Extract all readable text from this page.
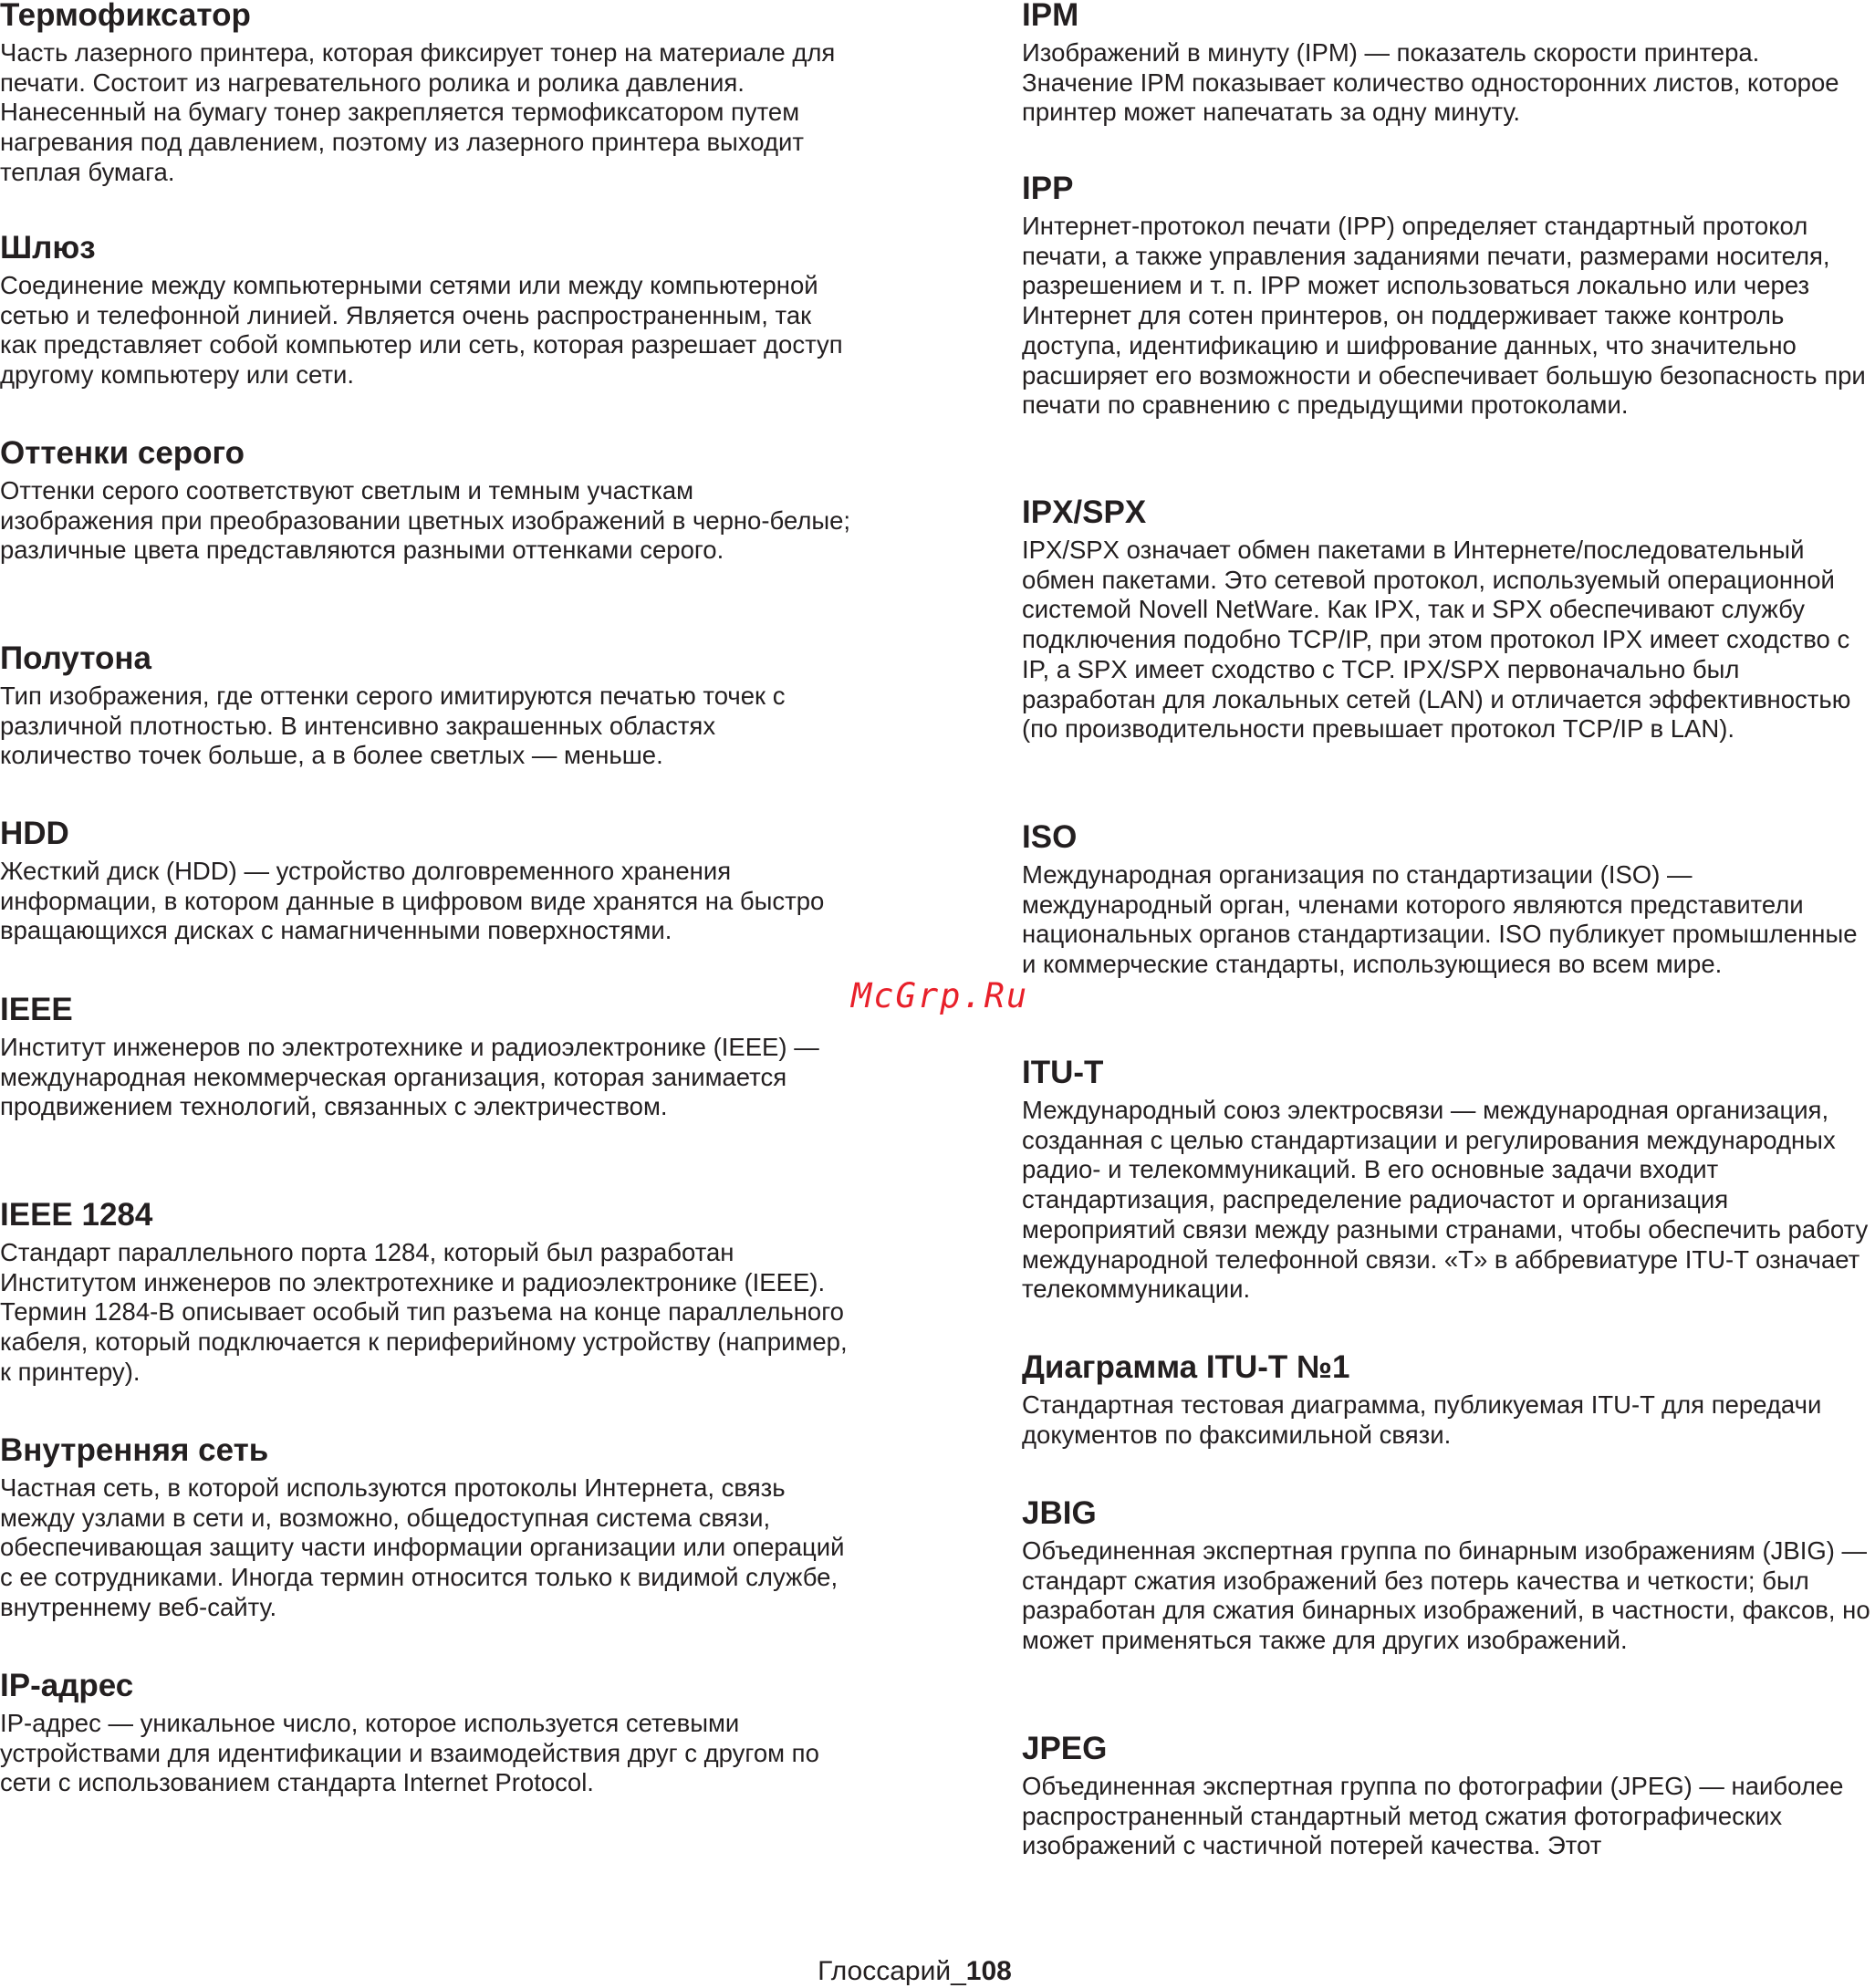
Термофиксатор

Часть лазерного принтера, которая фиксирует тонер на материале для печати. Состоит из нагревательного ролика и ролика давления. Нанесенный на бумагу тонер закрепляется термофиксатором путем нагревания под давлением, поэтому из лазерного принтера выходит теплая бумага.

Шлюз

Соединение между компьютерными сетями или между компьютерной сетью и телефонной линией. Является очень распространенным, так как представляет собой компьютер или сеть, которая разрешает доступ другому компьютеру или сети.

Оттенки серого

Оттенки серого соответствуют светлым и темным участкам изображения при преобразовании цветных изображений в черно-белые; различные цвета представляются разными оттенками серого.

Полутона

Тип изображения, где оттенки серого имитируются печатью точек с различной плотностью. В интенсивно закрашенных областях количество точек больше, а в более светлых — меньше.

HDD

Жесткий диск (HDD) — устройство долговременного хранения информации, в котором данные в цифровом виде хранятся на быстро вращающихся дисках с намагниченными поверхностями.

IEEE

Институт инженеров по электротехнике и радиоэлектронике (IEEE) — международная некоммерческая организация, которая занимается продвижением технологий, связанных с электричеством.

IEEE 1284

Стандарт параллельного порта 1284, который был разработан Институтом инженеров по электротехнике и радиоэлектронике (IEEE). Термин 1284-B описывает особый тип разъема на конце параллельного кабеля, который подключается к периферийному устройству (например, к принтеру).

Внутренняя сеть

Частная сеть, в которой используются протоколы Интернета, связь между узлами в сети и, возможно, общедоступная система связи, обеспечивающая защиту части информации организации или операций с ее сотрудниками. Иногда термин относится только к видимой службе, внутреннему веб-сайту.

IP-адрес

IP-адрес — уникальное число, которое используется сетевыми устройствами для идентификации и взаимодействия друг с другом по сети с использованием стандарта Internet Protocol.

IPM

Изображений в минуту (IPM) — показатель скорости принтера. Значение IPM показывает количество односторонних листов, которое принтер может напечатать за одну минуту.

IPP

Интернет-протокол печати (IPP) определяет стандартный протокол печати, а также управления заданиями печати, размерами носителя, разрешением и т. п. IPP может использоваться локально или через Интернет для сотен принтеров, он поддерживает также контроль доступа, идентификацию и шифрование данных, что значительно расширяет его возможности и обеспечивает большую безопасность при печати по сравнению с предыдущими протоколами.

IPX/SPX

IPX/SPX означает обмен пакетами в Интернете/последовательный обмен пакетами. Это сетевой протокол, используемый операционной системой Novell NetWare. Как IPX, так и SPX обеспечивают службу подключения подобно TCP/IP, при этом протокол IPX имеет сходство с IP, а SPX имеет сходство с TCP. IPX/SPX первоначально был разработан для локальных сетей (LAN) и отличается эффективностью (по производительности превышает протокол TCP/IP в LAN).

ISO

Международная организация по стандартизации (ISO) — международный орган, членами которого являются представители национальных органов стандартизации. ISO публикует промышленные и коммерческие стандарты, использующиеся во всем мире.

ITU-T

Международный союз электросвязи — международная организация, созданная с целью стандартизации и регулирования международных радио- и телекоммуникаций. В его основные задачи входит стандартизация, распределение радиочастот и организация мероприятий связи между разными странами, чтобы обеспечить работу международной телефонной связи. «T» в аббревиатуре ITU-T означает телекоммуникации.

Диаграмма ITU-T №1

Стандартная тестовая диаграмма, публикуемая ITU-T для передачи документов по факсимильной связи.

JBIG

Объединенная экспертная группа по бинарным изображениям (JBIG) — стандарт сжатия изображений без потерь качества и четкости; был разработан для сжатия бинарных изображений, в частности, факсов, но может применяться также для других изображений.

JPEG

Объединенная экспертная группа по фотографии (JPEG) — наиболее распространенный стандартный метод сжатия фотографических изображений с частичной потерей качества. Этот

McGrp.Ru
Глоссарий_108
